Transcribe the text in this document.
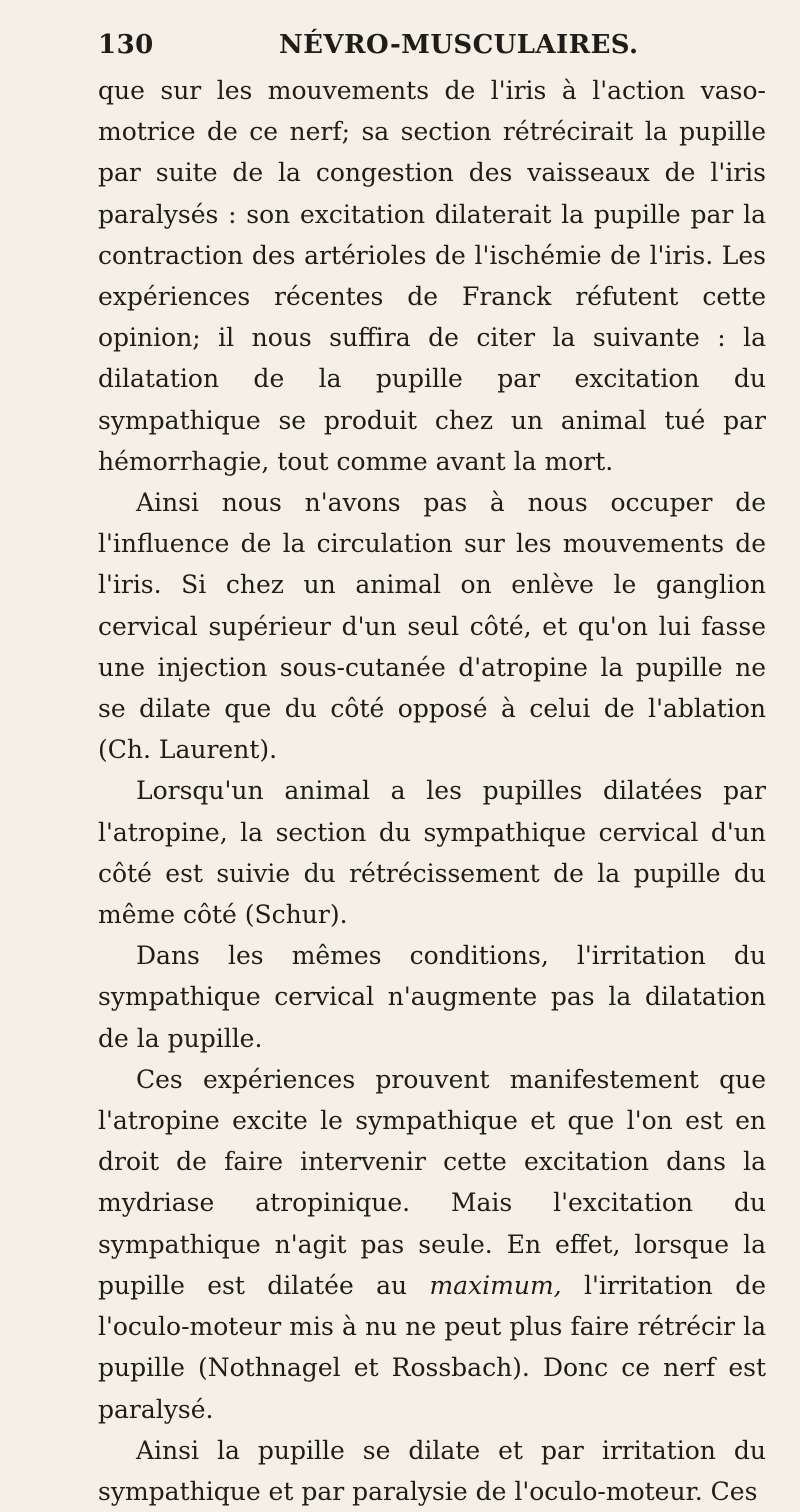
130	NÉVRO-MUSCULAIRES.

que sur les mouvements de l'iris à l'action vaso-motrice de ce nerf; sa section rétrécirait la pupille par suite de la congestion des vaisseaux de l'iris paralysés : son excitation dilaterait la pupille par la contraction des artérioles de l'ischémie de l'iris. Les expériences récentes de Franck réfutent cette opinion; il nous suffira de citer la suivante : la dilatation de la pupille par excitation du sympathique se produit chez un animal tué par hémorrhagie, tout comme avant la mort.

Ainsi nous n'avons pas à nous occuper de l'influence de la circulation sur les mouvements de l'iris. Si chez un animal on enlève le ganglion cervical supérieur d'un seul côté, et qu'on lui fasse une injection sous-cutanée d'atropine la pupille ne se dilate que du côté opposé à celui de l'ablation (Ch. Laurent).

Lorsqu'un animal a les pupilles dilatées par l'atropine, la section du sympathique cervical d'un côté est suivie du rétrécissement de la pupille du même côté (Schur).

Dans les mêmes conditions, l'irritation du sympathique cervical n'augmente pas la dilatation de la pupille.

Ces expériences prouvent manifestement que l'atropine excite le sympathique et que l'on est en droit de faire intervenir cette excitation dans la mydriase atropinique. Mais l'excitation du sympathique n'agit pas seule. En effet, lorsque la pupille est dilatée au maximum, l'irritation de l'oculo-moteur mis à nu ne peut plus faire rétrécir la pupille (Nothnagel et Rossbach). Donc ce nerf est paralysé.

Ainsi la pupille se dilate et par irritation du sympathique et par paralysie de l'oculo-moteur. Ces
